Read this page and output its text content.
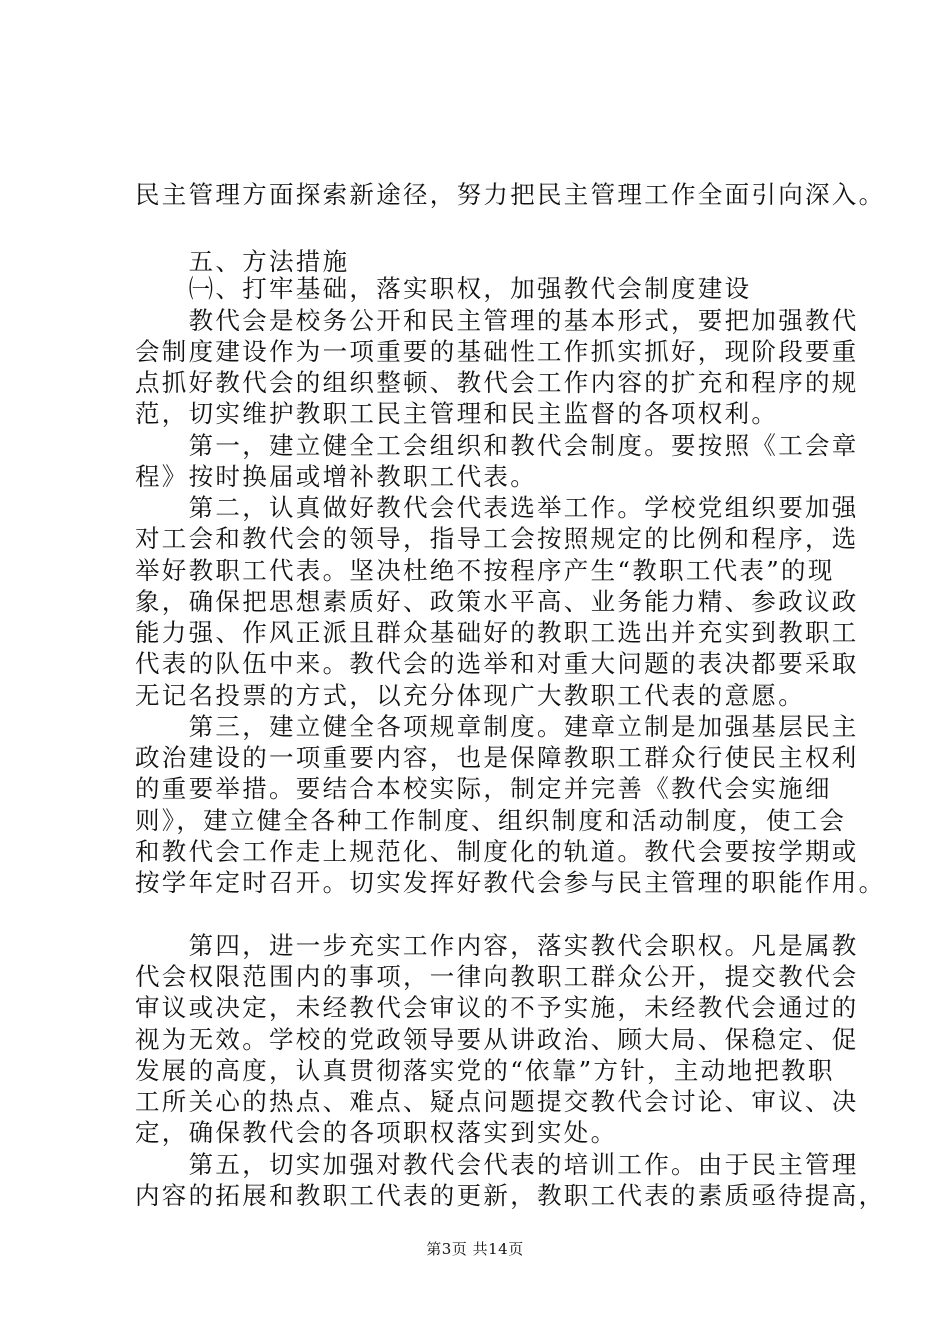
民主管理方面探索新途径，努力把民主管理工作全面引向深入。
　　五、方法措施
　　㈠、打牢基础，落实职权，加强教代会制度建设
　　教代会是校务公开和民主管理的基本形式，要把加强教代
会制度建设作为一项重要的基础性工作抓实抓好，现阶段要重
点抓好教代会的组织整顿、教代会工作内容的扩充和程序的规
范，切实维护教职工民主管理和民主监督的各项权利。
　　第一，建立健全工会组织和教代会制度。要按照《工会章
程》按时换届或增补教职工代表。
　　第二，认真做好教代会代表选举工作。学校党组织要加强
对工会和教代会的领导，指导工会按照规定的比例和程序，选
举好教职工代表。坚决杜绝不按程序产生“教职工代表”的现
象，确保把思想素质好、政策水平高、业务能力精、参政议政
能力强、作风正派且群众基础好的教职工选出并充实到教职工
代表的队伍中来。教代会的选举和对重大问题的表决都要采取
无记名投票的方式，以充分体现广大教职工代表的意愿。
　　第三，建立健全各项规章制度。建章立制是加强基层民主
政治建设的一项重要内容，也是保障教职工群众行使民主权利
的重要举措。要结合本校实际，制定并完善《教代会实施细
则》，建立健全各种工作制度、组织制度和活动制度，使工会
和教代会工作走上规范化、制度化的轨道。教代会要按学期或
按学年定时召开。切实发挥好教代会参与民主管理的职能作用。
　　第四，进一步充实工作内容，落实教代会职权。凡是属教
代会权限范围内的事项，一律向教职工群众公开，提交教代会
审议或决定，未经教代会审议的不予实施，未经教代会通过的
视为无效。学校的党政领导要从讲政治、顾大局、保稳定、促
发展的高度，认真贯彻落实党的“依靠”方针，主动地把教职
工所关心的热点、难点、疑点问题提交教代会讨论、审议、决
定，确保教代会的各项职权落实到实处。
　　第五，切实加强对教代会代表的培训工作。由于民主管理
内容的拓展和教职工代表的更新，教职工代表的素质亟待提高，
第3页 共14页
